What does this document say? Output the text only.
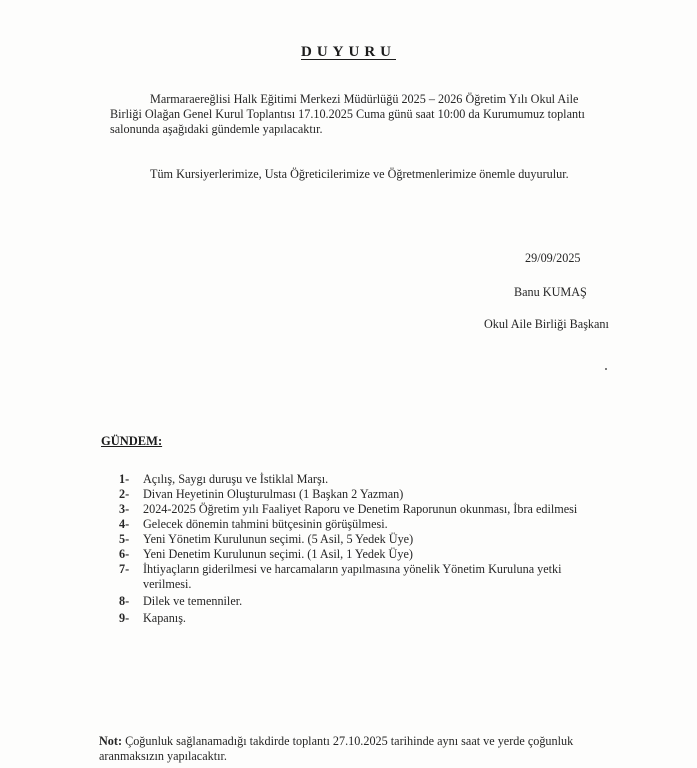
DUYURU
Marmaraereğlisi Halk Eğitimi Merkezi Müdürlüğü 2025 – 2026 Öğretim Yılı Okul Aile
Birliği Olağan Genel Kurul Toplantısı 17.10.2025 Cuma günü saat 10:00 da Kurumumuz toplantı
salonunda aşağıdaki gündemle yapılacaktır.
Tüm Kursiyerlerimize, Usta Öğreticilerimize ve Öğretmenlerimize önemle duyurulur.
29/09/2025
Banu KUMAŞ
Okul Aile Birliği Başkanı
GÜNDEM:
1-	Açılış, Saygı duruşu ve İstiklal Marşı.
2-	Divan Heyetinin Oluşturulması (1 Başkan 2 Yazman)
3-	2024-2025 Öğretim yılı Faaliyet Raporu ve Denetim Raporunun okunması, İbra edilmesi
4-	Gelecek dönemin tahmini bütçesinin görüşülmesi.
5-	Yeni Yönetim Kurulunun seçimi. (5 Asil, 5 Yedek Üye)
6-	Yeni Denetim Kurulunun seçimi. (1 Asil, 1 Yedek Üye)
7-	İhtiyaçların giderilmesi ve harcamaların yapılmasına yönelik Yönetim Kuruluna yetki
verilmesi.
8-	Dilek ve temenniler.
9-	Kapanış.
Not: Çoğunluk sağlanamadığı takdirde toplantı 27.10.2025 tarihinde aynı saat ve yerde çoğunluk
aranmaksızın yapılacaktır.
